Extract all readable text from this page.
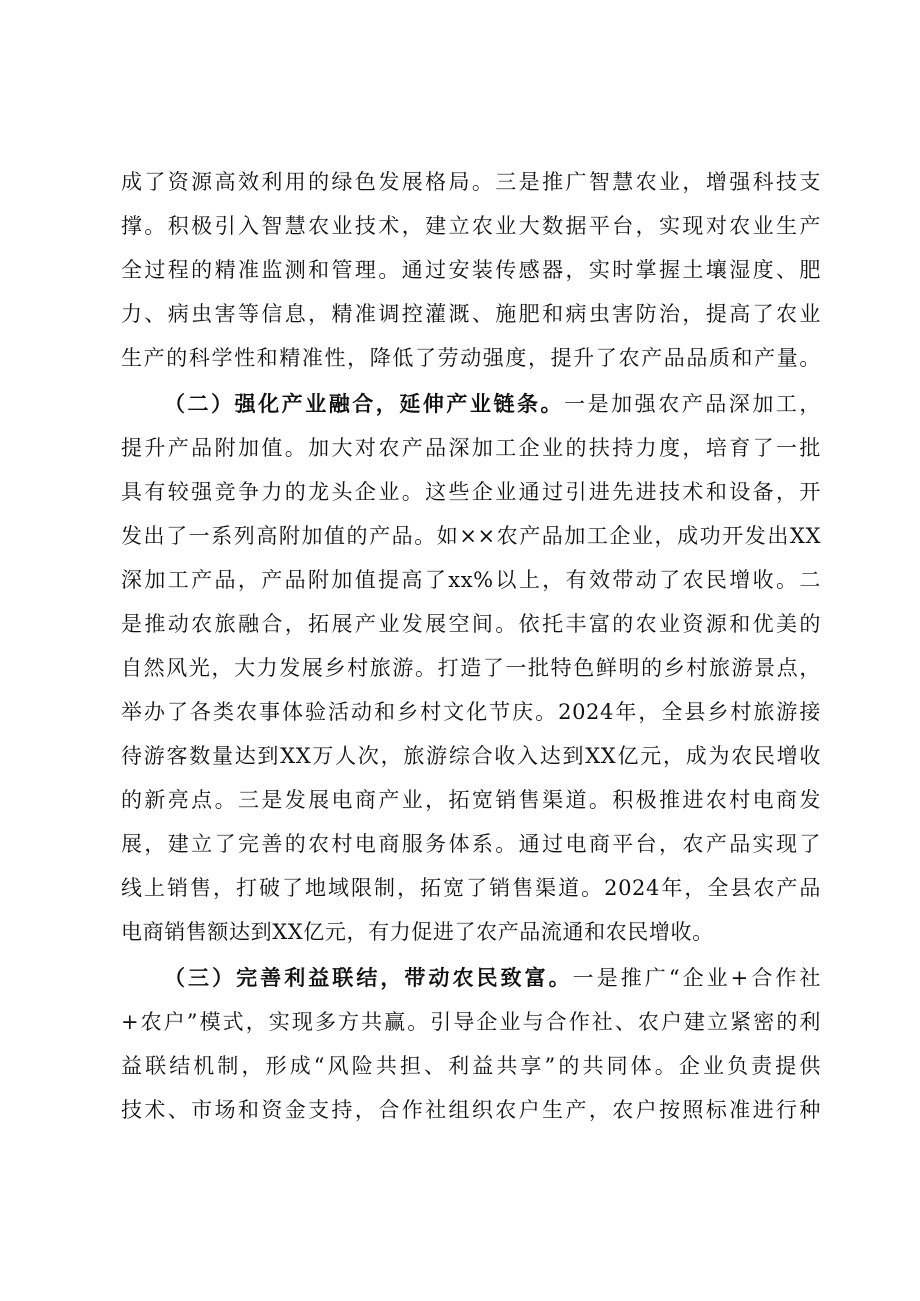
成了资源高效利用的绿色发展格局。三是推广智慧农业，增强科技支
撑。积极引入智慧农业技术，建立农业大数据平台，实现对农业生产
全过程的精准监测和管理。通过安装传感器，实时掌握土壤湿度、肥
力、病虫害等信息，精准调控灌溉、施肥和病虫害防治，提高了农业
生产的科学性和精准性，降低了劳动强度，提升了农产品品质和产量。
（二）强化产业融合，延伸产业链条。一是加强农产品深加工，
提升产品附加值。加大对农产品深加工企业的扶持力度，培育了一批
具有较强竞争力的龙头企业。这些企业通过引进先进技术和设备，开
发出了一系列高附加值的产品。如××农产品加工企业，成功开发出XX
深加工产品，产品附加值提高了xx%以上，有效带动了农民增收。二
是推动农旅融合，拓展产业发展空间。依托丰富的农业资源和优美的
自然风光，大力发展乡村旅游。打造了一批特色鲜明的乡村旅游景点，
举办了各类农事体验活动和乡村文化节庆。2024年，全县乡村旅游接
待游客数量达到XX万人次，旅游综合收入达到XX亿元，成为农民增收
的新亮点。三是发展电商产业，拓宽销售渠道。积极推进农村电商发
展，建立了完善的农村电商服务体系。通过电商平台，农产品实现了
线上销售，打破了地域限制，拓宽了销售渠道。2024年，全县农产品
电商销售额达到XX亿元，有力促进了农产品流通和农民增收。
（三）完善利益联结，带动农民致富。一是推广“企业+合作社
+农户”模式，实现多方共赢。引导企业与合作社、农户建立紧密的利
益联结机制，形成“风险共担、利益共享”的共同体。企业负责提供
技术、市场和资金支持，合作社组织农户生产，农户按照标准进行种
